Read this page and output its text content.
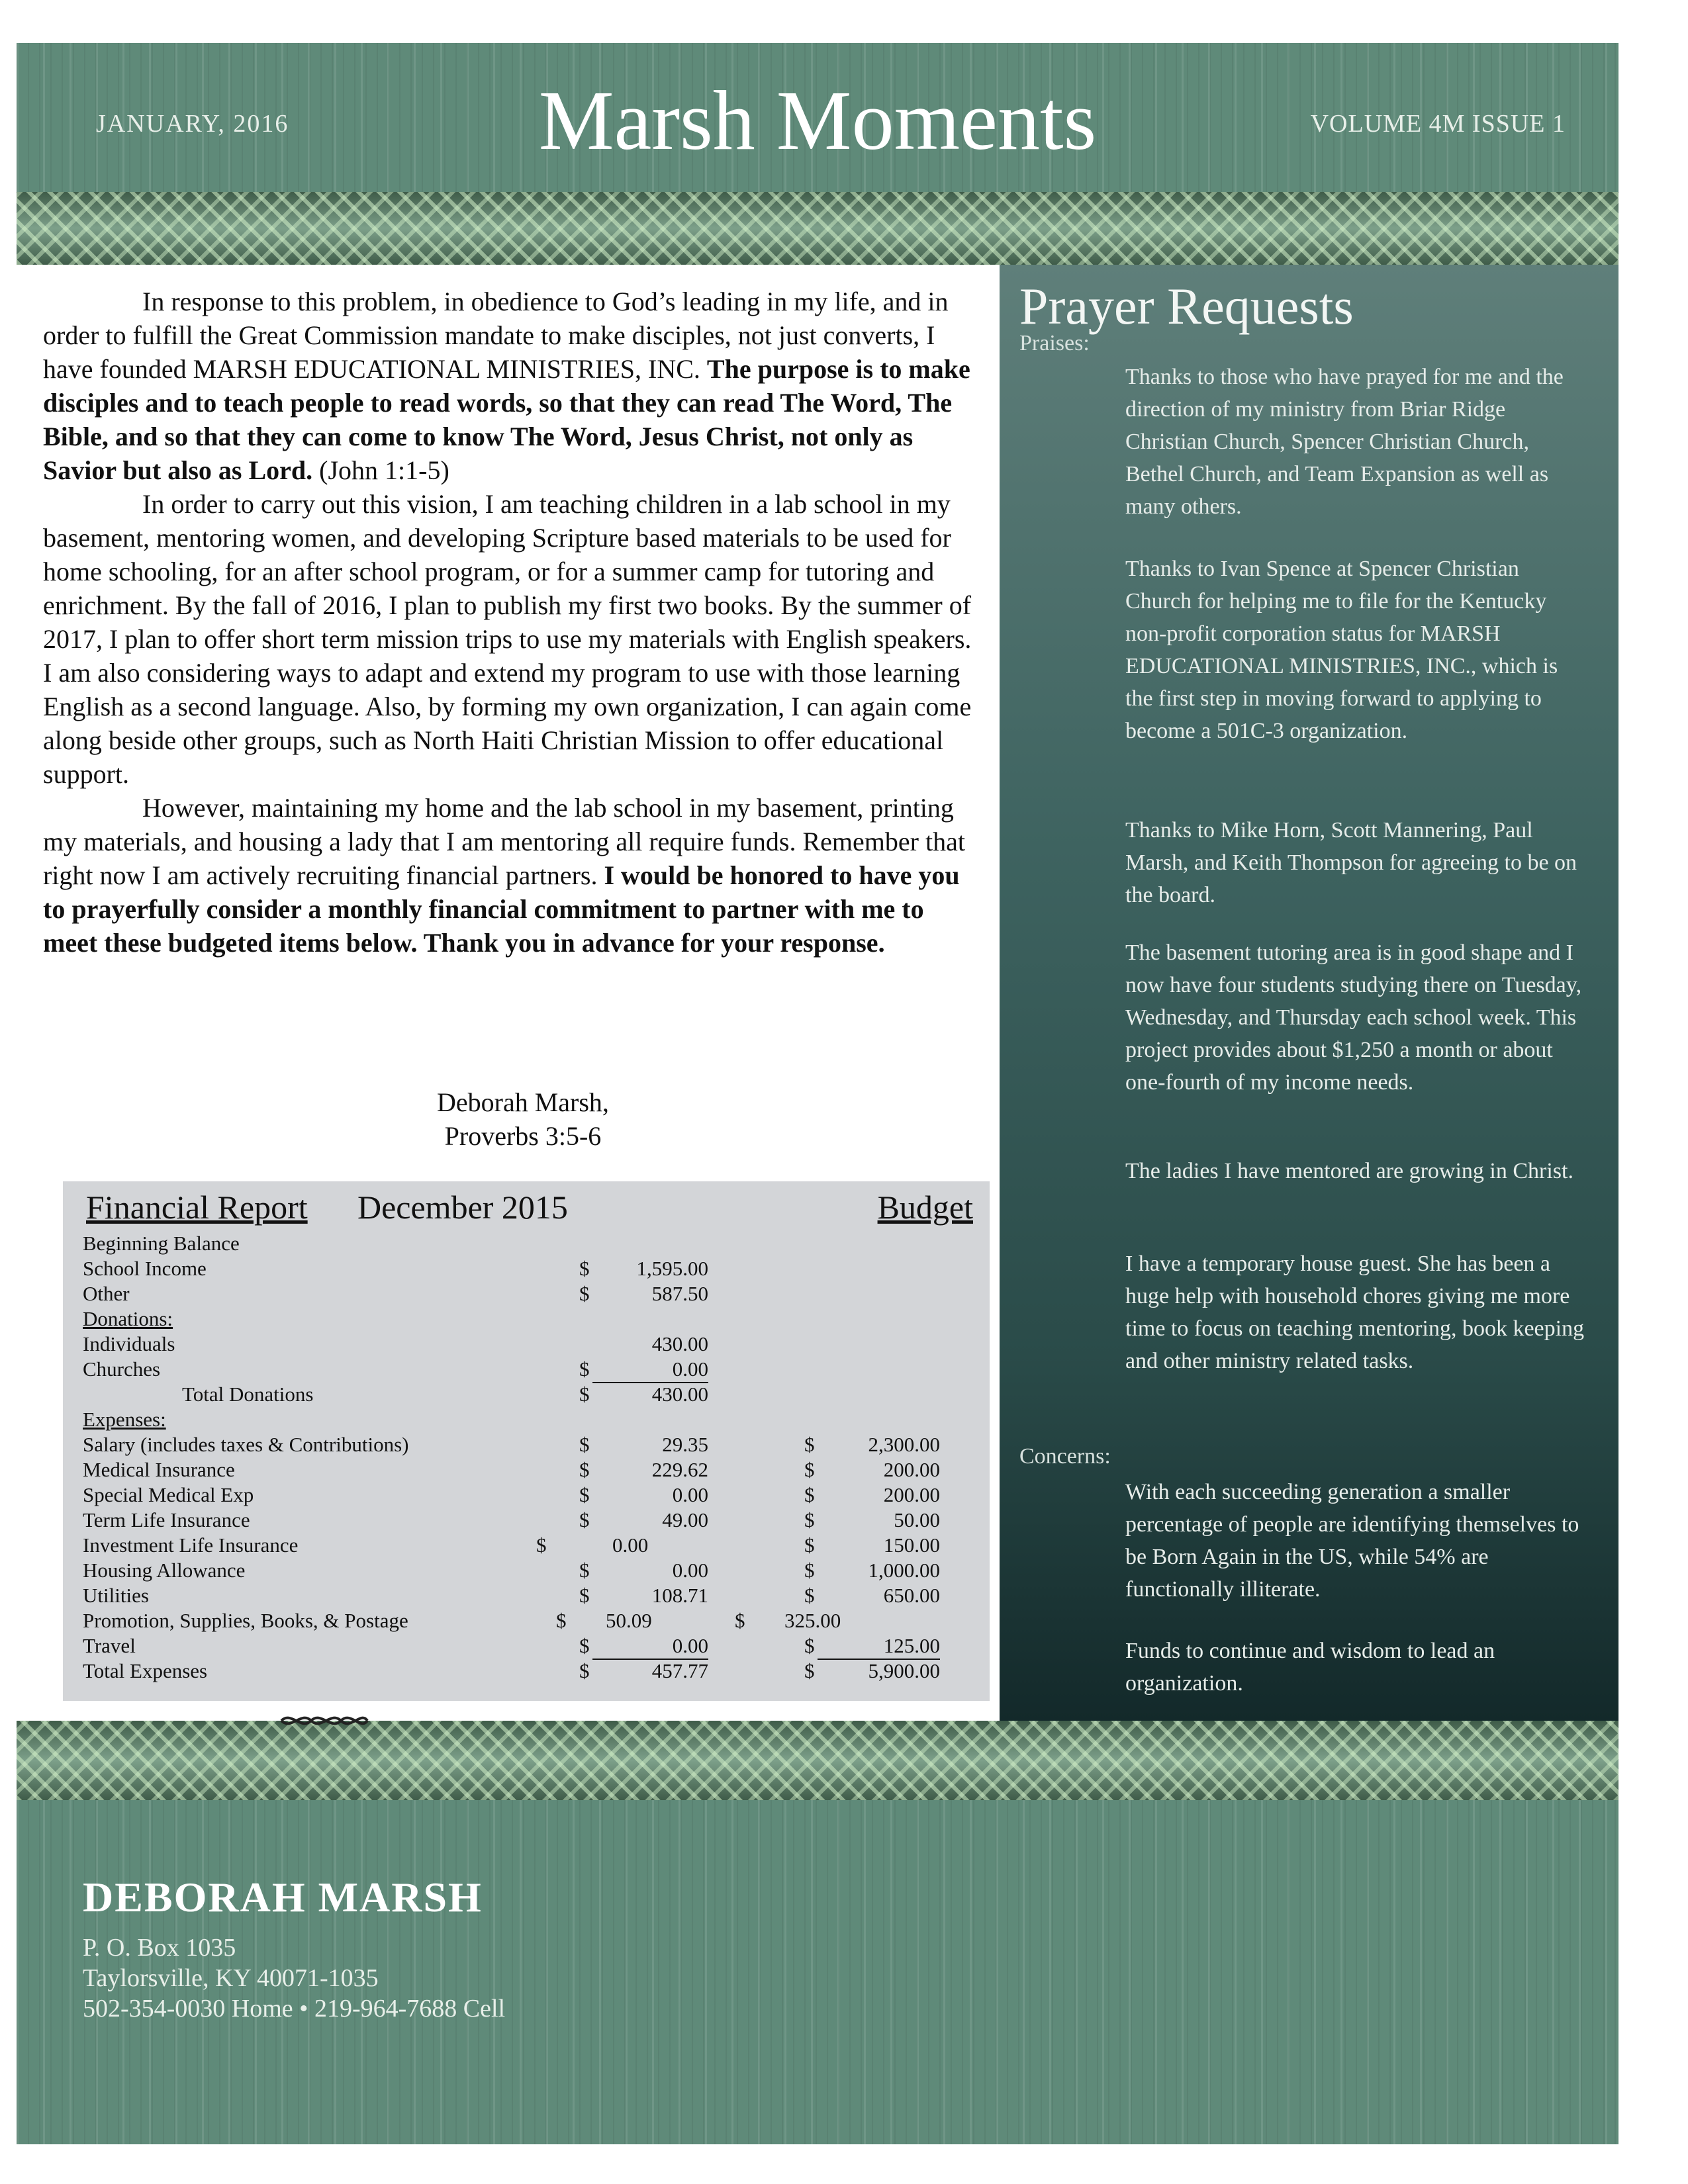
JANUARY, 2016	Marsh Moments	VOLUME 4M ISSUE 1

In response to this problem, in obedience to God’s leading in my life, and in order to fulfill the Great Commission mandate to make disciples, not just converts, I have founded MARSH EDUCATIONAL MINISTRIES, INC. The purpose is to make disciples and to teach people to read words, so that they can read The Word, The Bible, and so that they can come to know The Word, Jesus Christ, not only as Savior but also as Lord. (John 1:1-5)

In order to carry out this vision, I am teaching children in a lab school in my basement, mentoring women, and developing Scripture based materials to be used for home schooling, for an after school program, or for a summer camp for tutoring and enrichment. By the fall of 2016, I plan to publish my first two books. By the summer of 2017, I plan to offer short term mission trips to use my materials with English speakers. I am also considering ways to adapt and extend my program to use with those learning English as a second language. Also, by forming my own organization, I can again come along beside other groups, such as North Haiti Christian Mission to offer educational support.

However, maintaining my home and the lab school in my basement, printing my materials, and housing a lady that I am mentoring all require funds. Remember that right now I am actively recruiting financial partners. I would be honored to have you to prayerfully consider a monthly financial commitment to partner with me to meet these budgeted items below. Thank you in advance for your response.

Deborah Marsh,
Proverbs 3:5-6
Financial Report December 2015	Budget
Beginning Balance
School Income	$	1,595.00
Other	$	587.50
Donations:
Individuals	430.00
Churches	$	0.00
Total Donations	$	430.00
Expenses:
Salary (includes taxes & Contributions)	$	29.35	$	2,300.00
Medical Insurance	$	229.62	$	200.00
Special Medical Exp	$	0.00	$	200.00
Term Life Insurance	$	49.00	$	50.00
Investment Life Insurance	$	0.00	$	150.00
Housing Allowance	$	0.00	$	1,000.00
Utilities	$	108.71	$	650.00
Promotion, Supplies, Books, & Postage	$ 50.09	$ 325.00
Travel	$	0.00	$	125.00
Total Expenses	$	457.77	$	5,900.00
Prayer Requests
Praises:
Thanks to those who have prayed for me and the direction of my ministry from Briar Ridge Christian Church, Spencer Christian Church, Bethel Church, and Team Expansion as well as many others.
Thanks to Ivan Spence at Spencer Christian Church for helping me to file for the Kentucky non-profit corporation status for MARSH EDUCATIONAL MINISTRIES, INC., which is the first step in moving forward to applying to become a 501C-3 organization.
Thanks to Mike Horn, Scott Mannering, Paul Marsh, and Keith Thompson for agreeing to be on the board.
The basement tutoring area is in good shape and I now have four students studying there on Tuesday, Wednesday, and Thursday each school week. This project provides about $1,250 a month or about one-fourth of my income needs.
The ladies I have mentored are growing in Christ.
I have a temporary house guest. She has been a huge help with household chores giving me more time to focus on teaching mentoring, book keeping and other ministry related tasks.
Concerns:
With each succeeding generation a smaller percentage of people are identifying themselves to be Born Again in the US, while 54% are functionally illiterate.
Funds to continue and wisdom to lead an organization.
DEBORAH MARSH
P. O. Box 1035
Taylorsville, KY 40071-1035
502-354-0030 Home • 219-964-7688 Cell
